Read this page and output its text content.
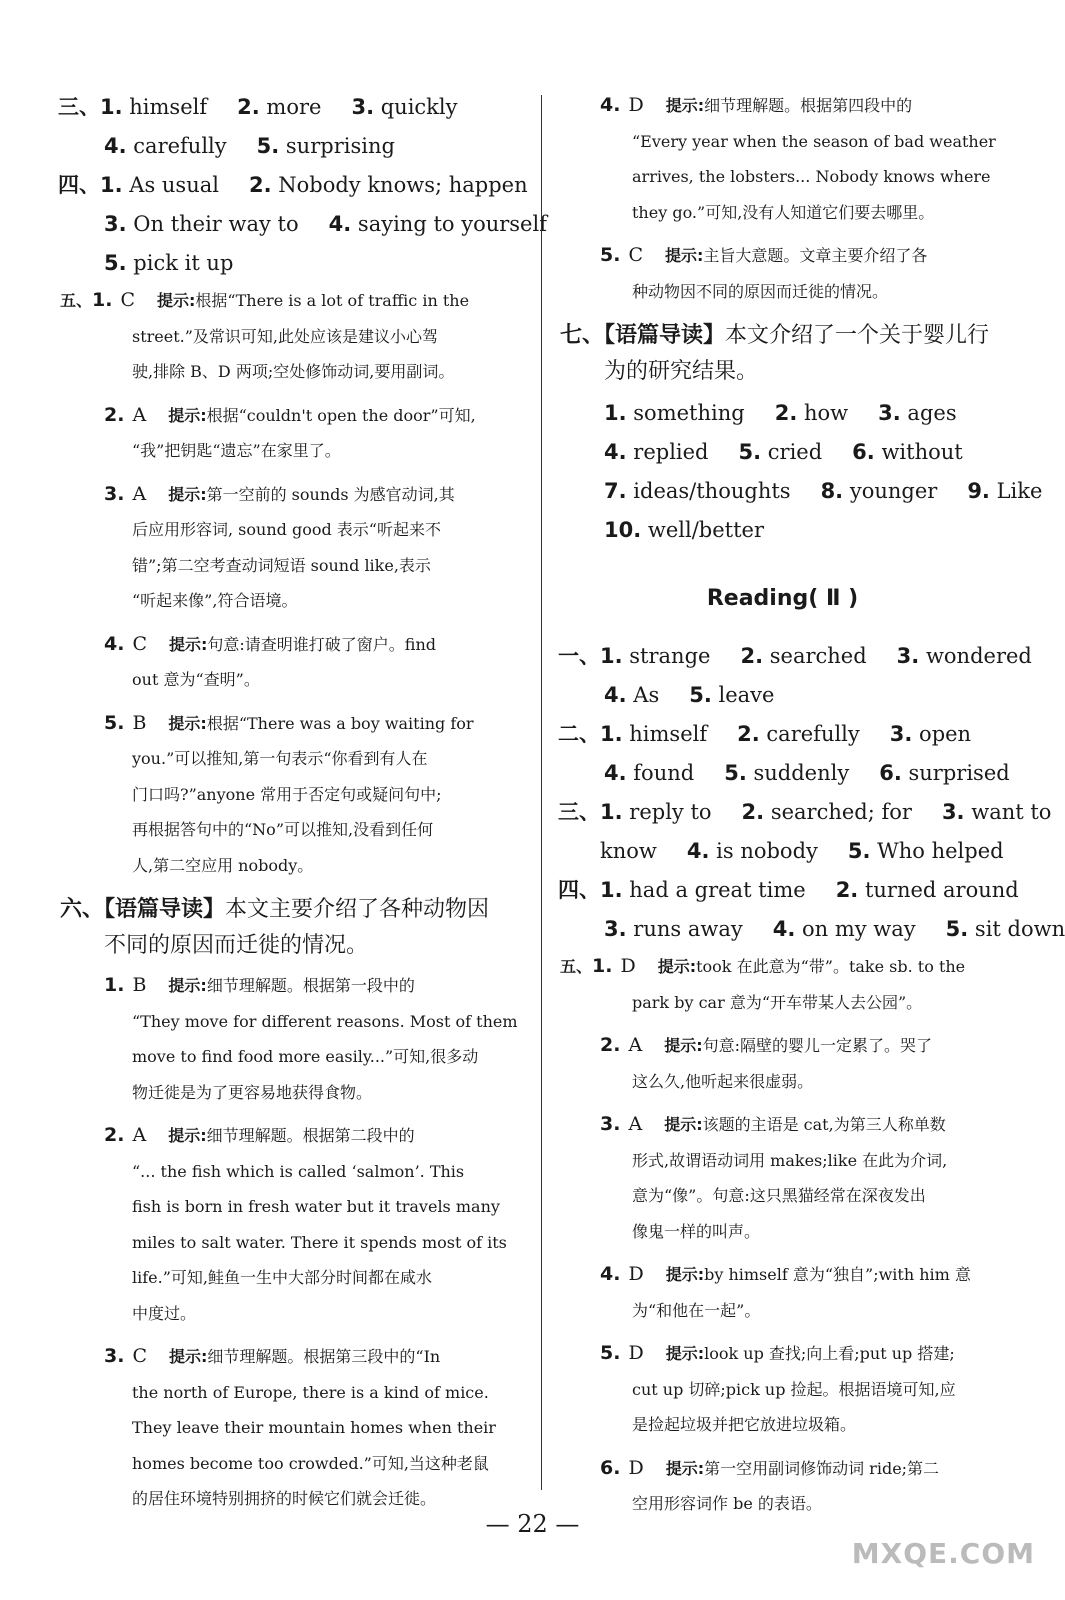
三、1. himself 2. more 3. quickly
4. carefully 5. surprising
四、1. As usual 2. Nobody knows; happen
3. On their way to 4. saying to yourself
5. pick it up

五、1. C 提示:根据“There is a lot of traffic in the

street.”及常识可知,此处应该是建议小心驾

驶,排除 B、D 两项;空处修饰动词,要用副词。

2. A 提示:根据“couldn't open the door”可知,

“我”把钥匙“遗忘”在家里了。

3. A 提示:第一空前的 sounds 为感官动词,其

后应用形容词, sound good 表示“听起来不

错”;第二空考查动词短语 sound like,表示

“听起来像”,符合语境。

4. C 提示:句意:请查明谁打破了窗户。find

out 意为“查明”。

5. B 提示:根据“There was a boy waiting for

you.”可以推知,第一句表示“你看到有人在

门口吗?”anyone 常用于否定句或疑问句中;

再根据答句中的“No”可以推知,没看到任何

人,第二空应用 nobody。

六、【语篇导读】本文主要介绍了各种动物因
不同的原因而迁徙的情况。

1. B 提示:细节理解题。根据第一段中的

“They move for different reasons. Most of them

move to find food more easily...”可知,很多动

物迁徙是为了更容易地获得食物。

2. A 提示:细节理解题。根据第二段中的

“... the fish which is called ‘salmon’. This

fish is born in fresh water but it travels many

miles to salt water. There it spends most of its

life.”可知,鲑鱼一生中大部分时间都在咸水

中度过。

3. C 提示:细节理解题。根据第三段中的“In

the north of Europe, there is a kind of mice.

They leave their mountain homes when their

homes become too crowded.”可知,当这种老鼠

的居住环境特别拥挤的时候它们就会迁徙。

4. D 提示:细节理解题。根据第四段中的

“Every year when the season of bad weather

arrives, the lobsters... Nobody knows where

they go.”可知,没有人知道它们要去哪里。

5. C 提示:主旨大意题。文章主要介绍了各

种动物因不同的原因而迁徙的情况。

七、【语篇导读】本文介绍了一个关于婴儿行
为的研究结果。
1. something 2. how 3. ages
4. replied 5. cried 6. without
7. ideas/thoughts 8. younger 9. Like
10. well/better
Reading( Ⅱ )
一、1. strange 2. searched 3. wondered
4. As 5. leave
二、1. himself 2. carefully 3. open
4. found 5. suddenly 6. surprised
三、1. reply to 2. searched; for 3. want to
know 4. is nobody 5. Who helped
四、1. had a great time 2. turned around
3. runs away 4. on my way 5. sit down

五、1. D 提示:took 在此意为“带”。take sb. to the

park by car 意为“开车带某人去公园”。

2. A 提示:句意:隔壁的婴儿一定累了。哭了

这么久,他听起来很虚弱。

3. A 提示:该题的主语是 cat,为第三人称单数

形式,故谓语动词用 makes;like 在此为介词,

意为“像”。句意:这只黑猫经常在深夜发出

像鬼一样的叫声。

4. D 提示:by himself 意为“独自”;with him 意

为“和他在一起”。

5. D 提示:look up 查找;向上看;put up 搭建;

cut up 切碎;pick up 捡起。根据语境可知,应

是捡起垃圾并把它放进垃圾箱。

6. D 提示:第一空用副词修饰动词 ride;第二

空用形容词作 be 的表语。

— 22 —
MXQE.COM
